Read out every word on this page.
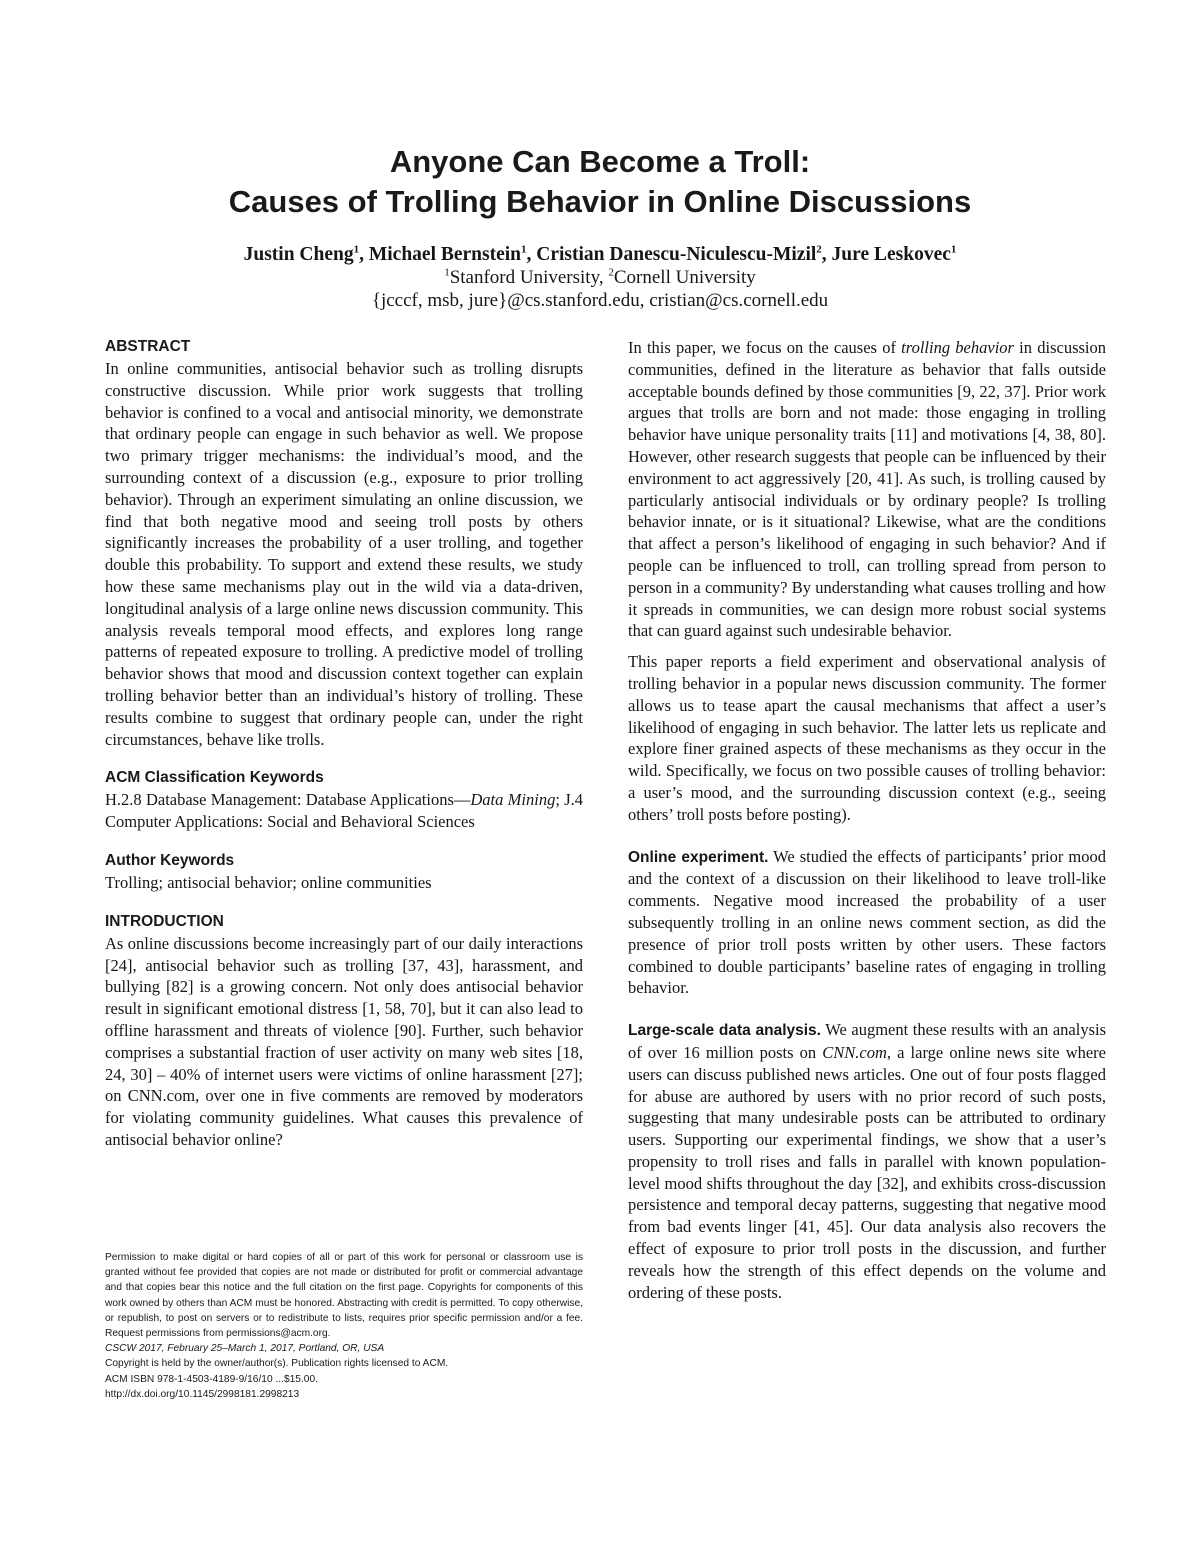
Anyone Can Become a Troll:
Causes of Trolling Behavior in Online Discussions
Justin Cheng$^1$, Michael Bernstein$^1$, Cristian Danescu-Niculescu-Mizil$^2$, Jure Leskovec$^1$
$^1$Stanford University, $^2$Cornell University
{jcccf, msb, jure}@cs.stanford.edu, cristian@cs.cornell.edu
ABSTRACT

In online communities, antisocial behavior such as trolling disrupts constructive discussion. While prior work suggests that trolling behavior is confined to a vocal and antisocial minority, we demonstrate that ordinary people can engage in such behavior as well. We propose two primary trigger mechanisms: the individual’s mood, and the surrounding context of a discussion (e.g., exposure to prior trolling behavior). Through an experiment simulating an online discussion, we find that both negative mood and seeing troll posts by others significantly increases the probability of a user trolling, and together double this probability. To support and extend these results, we study how these same mechanisms play out in the wild via a data-driven, longitudinal analysis of a large online news discussion community. This analysis reveals temporal mood effects, and explores long range patterns of repeated exposure to trolling. A predictive model of trolling behavior shows that mood and discussion context together can explain trolling behavior better than an individual’s history of trolling. These results combine to suggest that ordinary people can, under the right circumstances, behave like trolls.

ACM Classification Keywords

H.2.8 Database Management: Database Applications—Data Mining; J.4 Computer Applications: Social and Behavioral Sciences

Author Keywords

Trolling; antisocial behavior; online communities

INTRODUCTION

As online discussions become increasingly part of our daily interactions [24], antisocial behavior such as trolling [37, 43], harassment, and bullying [82] is a growing concern. Not only does antisocial behavior result in significant emotional distress [1, 58, 70], but it can also lead to offline harassment and threats of violence [90]. Further, such behavior comprises a substantial fraction of user activity on many web sites [18, 24, 30] – 40% of internet users were victims of online harassment [27]; on CNN.com, over one in five comments are removed by moderators for violating community guidelines. What causes this prevalence of antisocial behavior online?

Permission to make digital or hard copies of all or part of this work for personal or classroom use is granted without fee provided that copies are not made or distributed for profit or commercial advantage and that copies bear this notice and the full citation on the first page. Copyrights for components of this work owned by others than ACM must be honored. Abstracting with credit is permitted. To copy otherwise, or republish, to post on servers or to redistribute to lists, requires prior specific permission and/or a fee. Request permissions from permissions@acm.org.

CSCW 2017, February 25–March 1, 2017, Portland, OR, USA
Copyright is held by the owner/author(s). Publication rights licensed to ACM.
ACM ISBN 978-1-4503-4189-9/16/10 ...$15.00.
http://dx.doi.org/10.1145/2998181.2998213

In this paper, we focus on the causes of trolling behavior in discussion communities, defined in the literature as behavior that falls outside acceptable bounds defined by those communities [9, 22, 37]. Prior work argues that trolls are born and not made: those engaging in trolling behavior have unique personality traits [11] and motivations [4, 38, 80]. However, other research suggests that people can be influenced by their environment to act aggressively [20, 41]. As such, is trolling caused by particularly antisocial individuals or by ordinary people? Is trolling behavior innate, or is it situational? Likewise, what are the conditions that affect a person’s likelihood of engaging in such behavior? And if people can be influenced to troll, can trolling spread from person to person in a community? By understanding what causes trolling and how it spreads in communities, we can design more robust social systems that can guard against such undesirable behavior.

This paper reports a field experiment and observational analysis of trolling behavior in a popular news discussion community. The former allows us to tease apart the causal mechanisms that affect a user’s likelihood of engaging in such behavior. The latter lets us replicate and explore finer grained aspects of these mechanisms as they occur in the wild. Specifically, we focus on two possible causes of trolling behavior: a user’s mood, and the surrounding discussion context (e.g., seeing others’ troll posts before posting).

Online experiment. We studied the effects of participants’ prior mood and the context of a discussion on their likelihood to leave troll-like comments. Negative mood increased the probability of a user subsequently trolling in an online news comment section, as did the presence of prior troll posts written by other users. These factors combined to double participants’ baseline rates of engaging in trolling behavior.

Large-scale data analysis. We augment these results with an analysis of over 16 million posts on CNN.com, a large online news site where users can discuss published news articles. One out of four posts flagged for abuse are authored by users with no prior record of such posts, suggesting that many undesirable posts can be attributed to ordinary users. Supporting our experimental findings, we show that a user’s propensity to troll rises and falls in parallel with known population-level mood shifts throughout the day [32], and exhibits cross-discussion persistence and temporal decay patterns, suggesting that negative mood from bad events linger [41, 45]. Our data analysis also recovers the effect of exposure to prior troll posts in the discussion, and further reveals how the strength of this effect depends on the volume and ordering of these posts.
